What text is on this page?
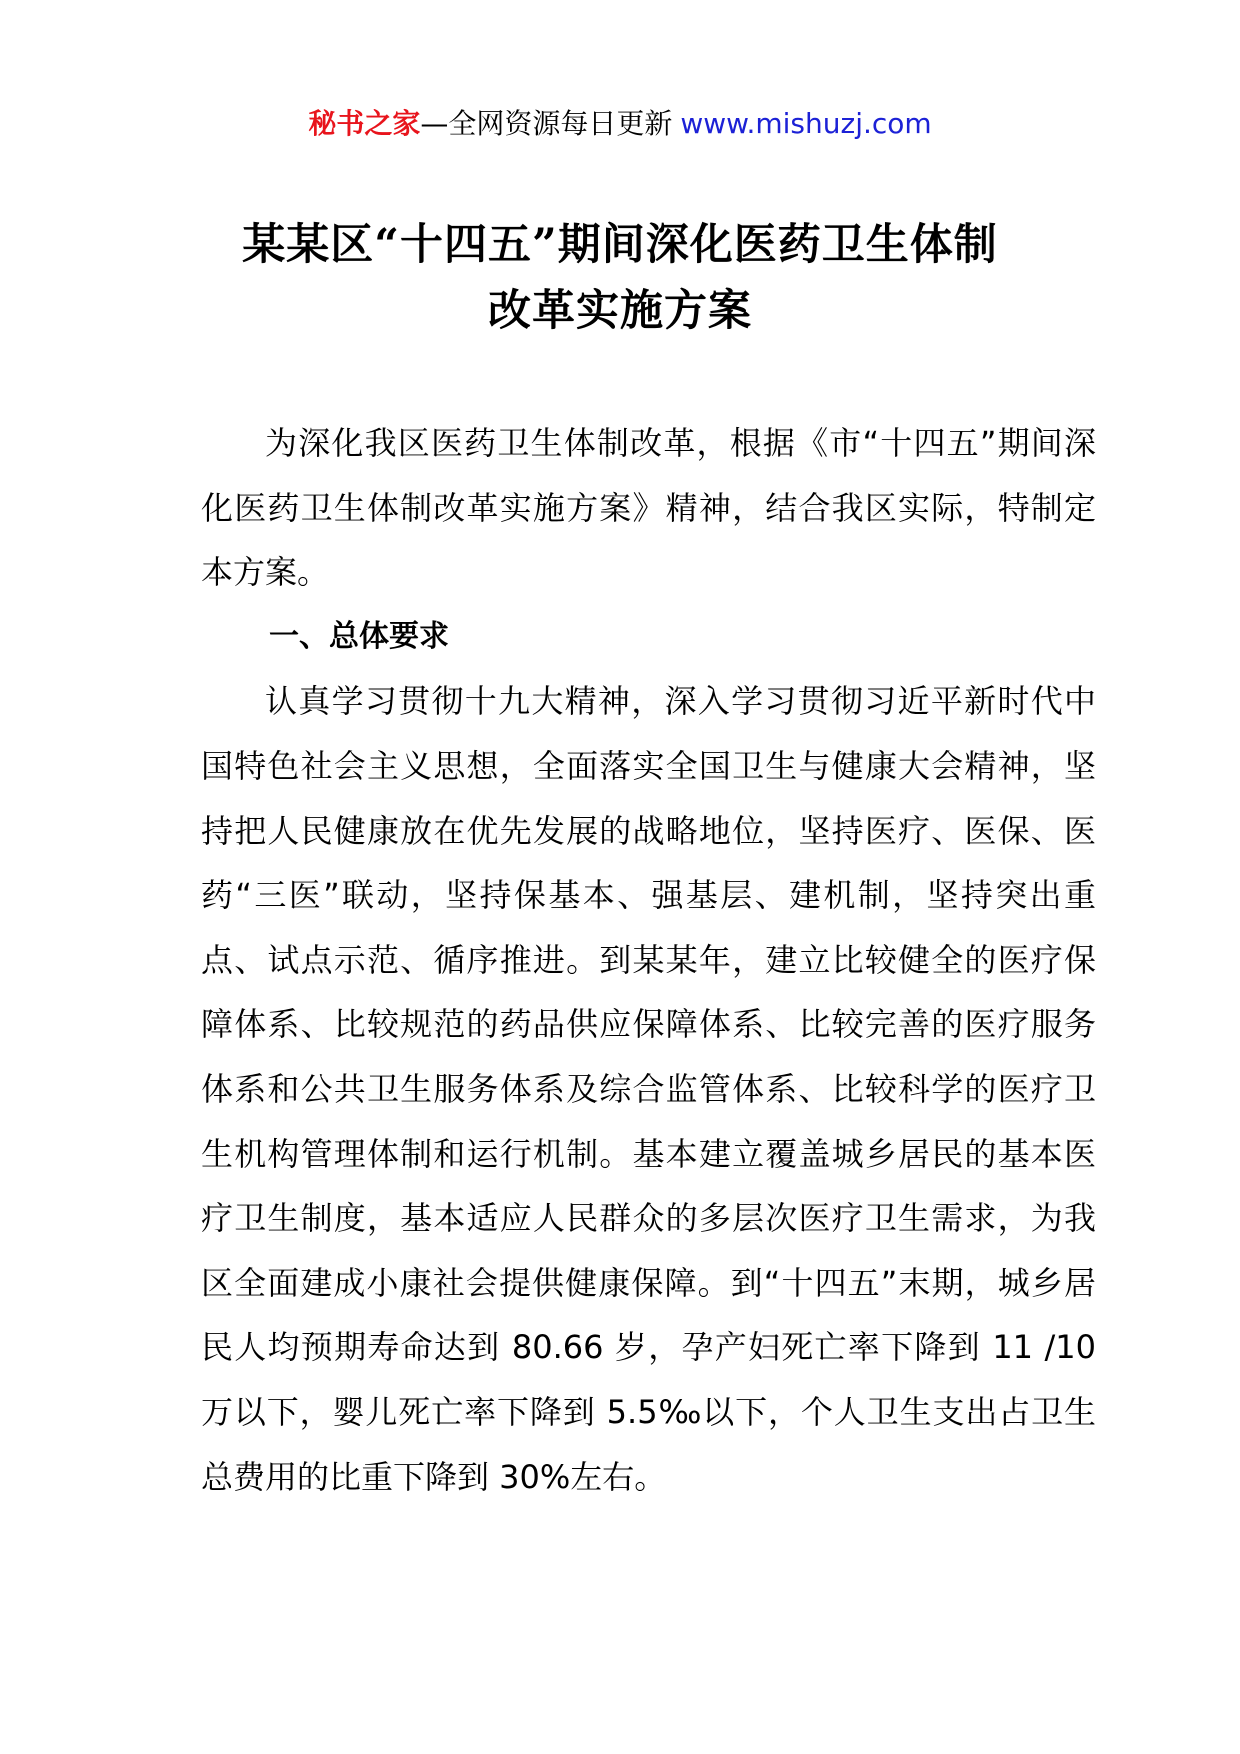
秘书之家—全网资源每日更新 www.mishuzj.com
某某区“十四五”期间深化医药卫生体制
改革实施方案

为深化我区医药卫生体制改革，根据《市“十四五”期间深化医药卫生体制改革实施方案》精神，结合我区实际，特制定本方案。

一、总体要求

认真学习贯彻十九大精神，深入学习贯彻习近平新时代中国特色社会主义思想，全面落实全国卫生与健康大会精神，坚持把人民健康放在优先发展的战略地位，坚持医疗、医保、医药“三医”联动，坚持保基本、强基层、建机制，坚持突出重点、试点示范、循序推进。到某某年，建立比较健全的医疗保障体系、比较规范的药品供应保障体系、比较完善的医疗服务体系和公共卫生服务体系及综合监管体系、比较科学的医疗卫生机构管理体制和运行机制。基本建立覆盖城乡居民的基本医疗卫生制度，基本适应人民群众的多层次医疗卫生需求，为我区全面建成小康社会提供健康保障。到“十四五”末期，城乡居民人均预期寿命达到 80.66 岁，孕产妇死亡率下降到 11 /10 万以下，婴儿死亡率下降到 5.5‰以下，个人卫生支出占卫生总费用的比重下降到 30%左右。
